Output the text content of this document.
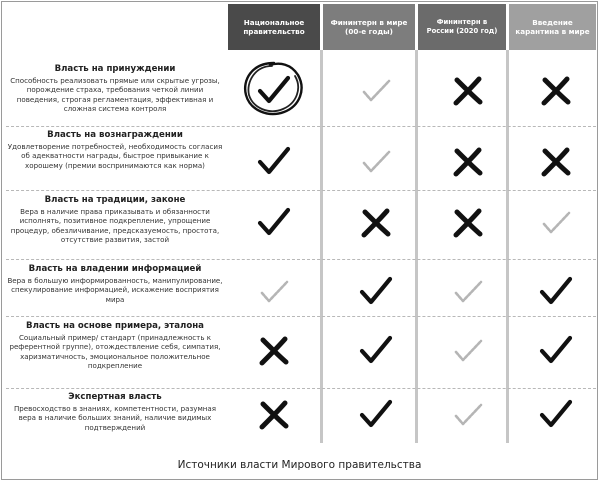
Национальное правительство
Фининтерн в мире (00-е годы)
Фининтерн в России (2020 год)
Введение карантина в мире
Власть на принуждении
Способность реализовать прямые или скрытые угрозы, порождение страха, требования четкой линии поведения, строгая регламентация, эффективная и сложная система контроля
Власть на вознаграждении
Удовлетворение потребностей, необходимость согласия об адекватности награды, быстрое привыкание к хорошему (премии воспринимаются как норма)
Власть на традиции, законе
Вера в наличие права приказывать и обязанности исполнять, позитивное подкрепление, упрощение процедур, обезличивание, предсказуемость, простота, отсутствие развития, застой
Власть на владении информацией
Вера в большую информированность, манипулирование, спекулирование информацией, искажение восприятия мира
Власть на основе примера, эталона
Социальный пример/ стандарт (принадлежность к референтной группе), отождествление себя, симпатия, харизматичность, эмоциональное положительное подкрепление
Экспертная власть
Превосходство в знаниях, компетентности, разумная вера в наличие больших знаний, наличие видимых подтверждений
Источники власти Мирового правительства
